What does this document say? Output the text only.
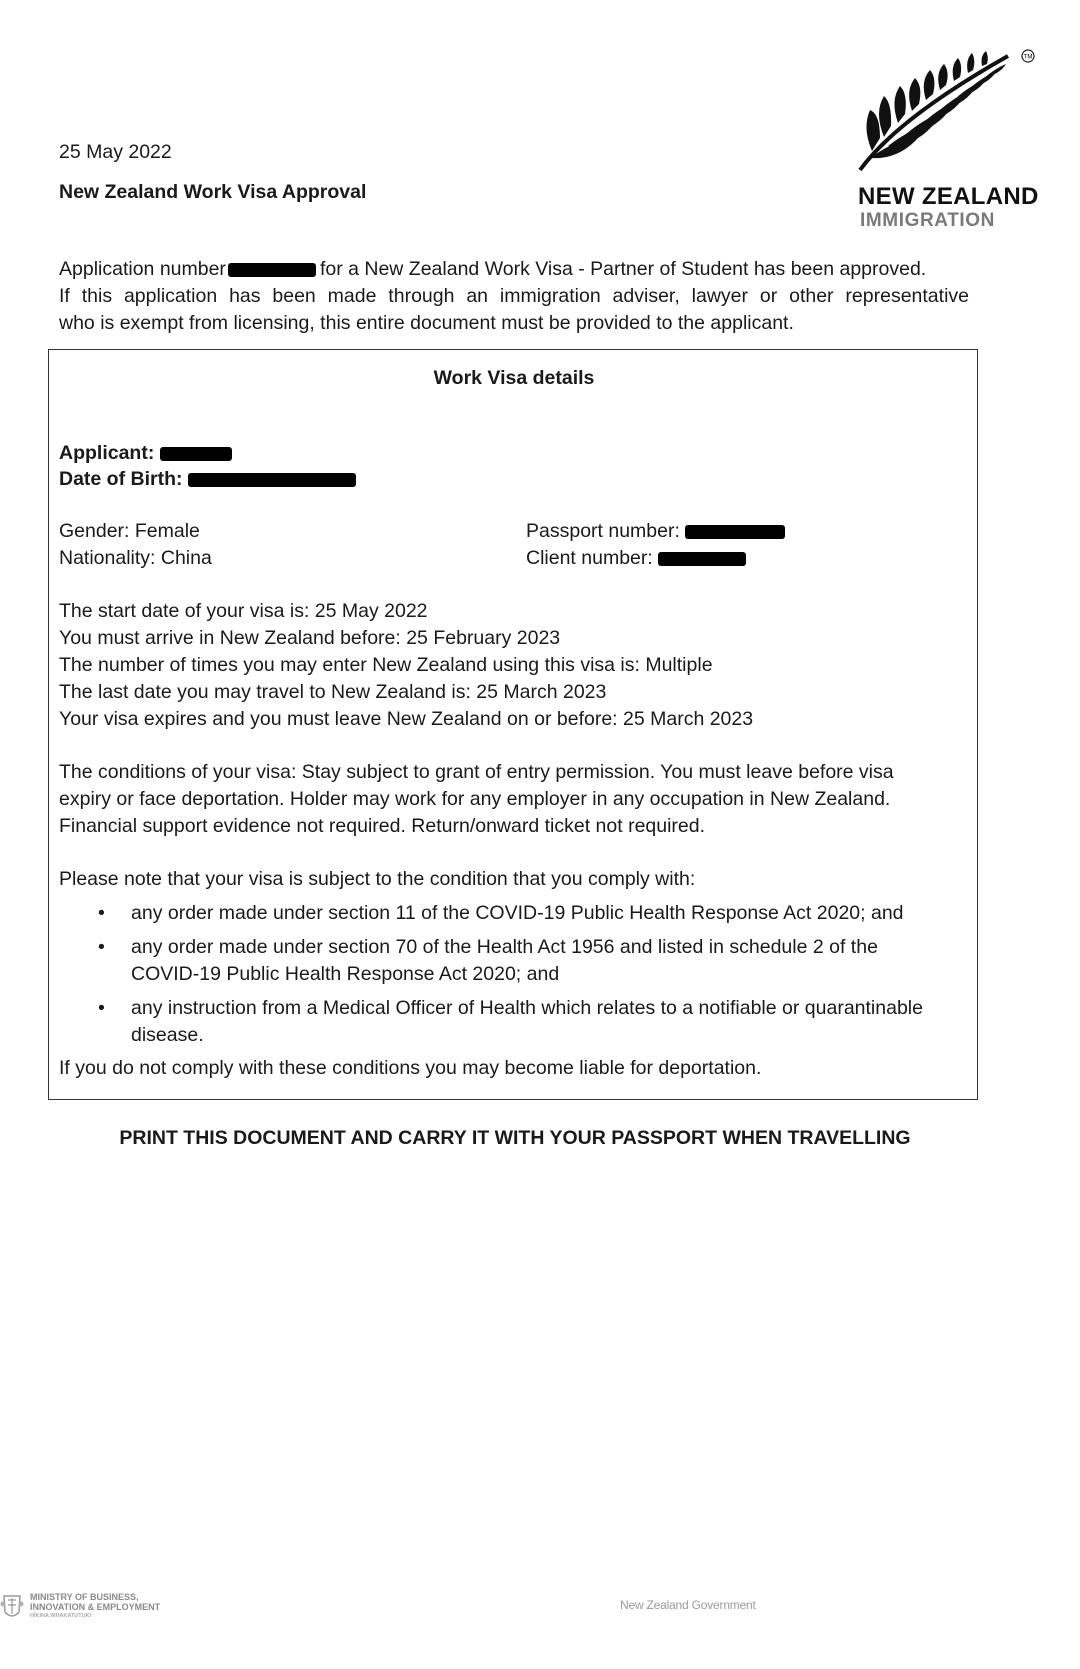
TM
NEW ZEALAND
IMMIGRATION
25 May 2022
New Zealand Work Visa Approval
Application number	for a New Zealand Work Visa - Partner of Student has been approved.
If this application has been made through an immigration adviser, lawyer or other representative
who is exempt from licensing, this entire document must be provided to the applicant.
Work Visa details
Applicant:
Date of Birth:
Gender: Female
Nationality: China
Passport number:
Client number:
The start date of your visa is: 25 May 2022
You must arrive in New Zealand before: 25 February 2023
The number of times you may enter New Zealand using this visa is: Multiple
The last date you may travel to New Zealand is: 25 March 2023
Your visa expires and you must leave New Zealand on or before: 25 March 2023
The conditions of your visa: Stay subject to grant of entry permission. You must leave before visa
expiry or face deportation. Holder may work for any employer in any occupation in New Zealand.
Financial support evidence not required. Return/onward ticket not required.
Please note that your visa is subject to the condition that you comply with:
• any order made under section 11 of the COVID-19 Public Health Response Act 2020; and
• any order made under section 70 of the Health Act 1956 and listed in schedule 2 of the COVID-19 Public Health Response Act 2020; and
• any instruction from a Medical Officer of Health which relates to a notifiable or quarantinable disease.
If you do not comply with these conditions you may become liable for deportation.
PRINT THIS DOCUMENT AND CARRY IT WITH YOUR PASSPORT WHEN TRAVELLING
MINISTRY OF BUSINESS,
INNOVATION & EMPLOYMENT
HĪKINA WHAKATUTUKI
New Zealand Government
